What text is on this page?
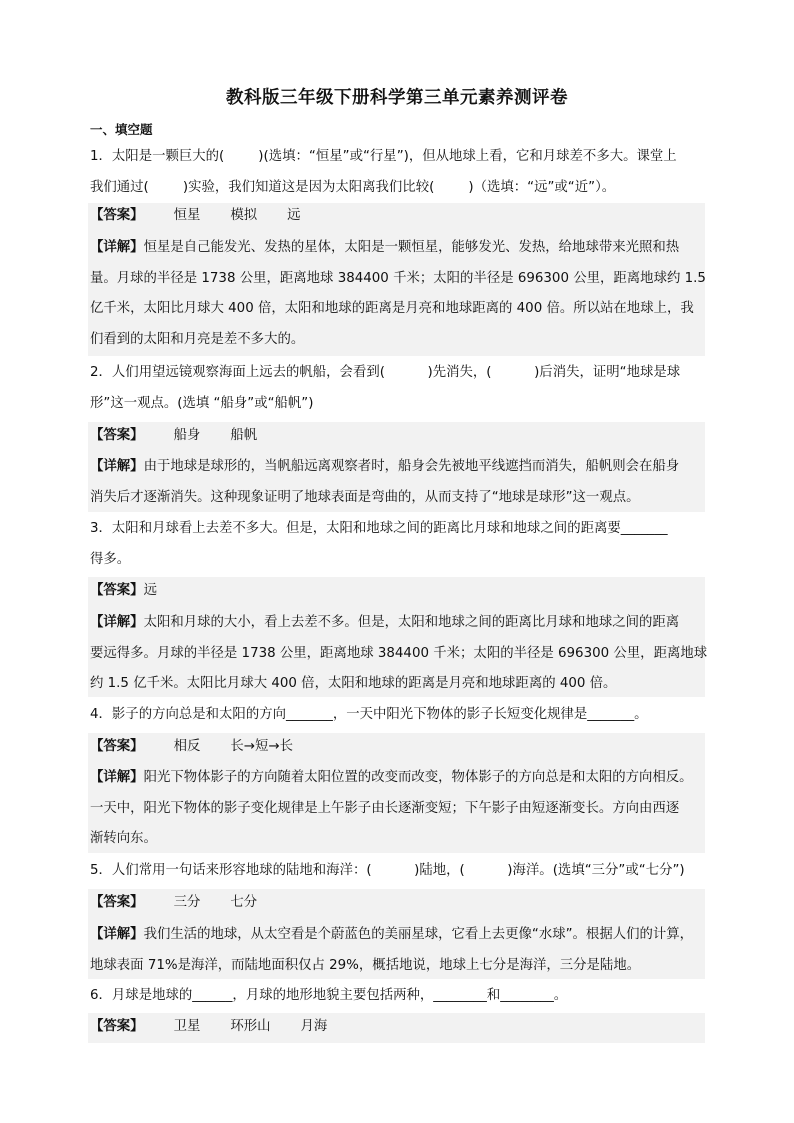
教科版三年级下册科学第三单元素养测评卷
一、填空题
1．太阳是一颗巨大的(        )(选填：“恒星”或“行星”)，但从地球上看，它和月球差不多大。课堂上
我们通过(        )实验，我们知道这是因为太阳离我们比较(        )（选填：“远”或“近”）。
【答案】 恒星 模拟 远
【详解】恒星是自己能发光、发热的星体，太阳是一颗恒星，能够发光、发热，给地球带来光照和热
量。月球的半径是 1738 公里，距离地球 384400 千米；太阳的半径是 696300 公里，距离地球约 1.5
亿千米，太阳比月球大 400 倍，太阳和地球的距离是月亮和地球距离的 400 倍。所以站在地球上，我
们看到的太阳和月亮是差不多大的。
2．人们用望远镜观察海面上远去的帆船，会看到(          )先消失，(          )后消失，证明“地球是球
形”这一观点。(选填 “船身”或“船帆”)
【答案】 船身 船帆
【详解】由于地球是球形的，当帆船远离观察者时，船身会先被地平线遮挡而消失，船帆则会在船身
消失后才逐渐消失。这种现象证明了地球表面是弯曲的，从而支持了“地球是球形”这一观点。
3．太阳和月球看上去差不多大。但是，太阳和地球之间的距离比月球和地球之间的距离要_______
得多。
【答案】远
【详解】太阳和月球的大小，看上去差不多。但是，太阳和地球之间的距离比月球和地球之间的距离
要远得多。月球的半径是 1738 公里，距离地球 384400 千米；太阳的半径是 696300 公里，距离地球
约 1.5 亿千米。太阳比月球大 400 倍，太阳和地球的距离是月亮和地球距离的 400 倍。
4．影子的方向总是和太阳的方向_______，一天中阳光下物体的影子长短变化规律是_______。
【答案】 相反 长→短→长
【详解】阳光下物体影子的方向随着太阳位置的改变而改变，物体影子的方向总是和太阳的方向相反。
一天中，阳光下物体的影子变化规律是上午影子由长逐渐变短；下午影子由短逐渐变长。方向由西逐
渐转向东。
5．人们常用一句话来形容地球的陆地和海洋：(          )陆地，(          )海洋。(选填“三分”或“七分”)
【答案】 三分 七分
【详解】我们生活的地球，从太空看是个蔚蓝色的美丽星球，它看上去更像“水球”。根据人们的计算，
地球表面 71%是海洋，而陆地面积仅占 29%，概括地说，地球上七分是海洋，三分是陆地。
6．月球是地球的______，月球的地形地貌主要包括两种，________和________。
【答案】 卫星 环形山 月海
